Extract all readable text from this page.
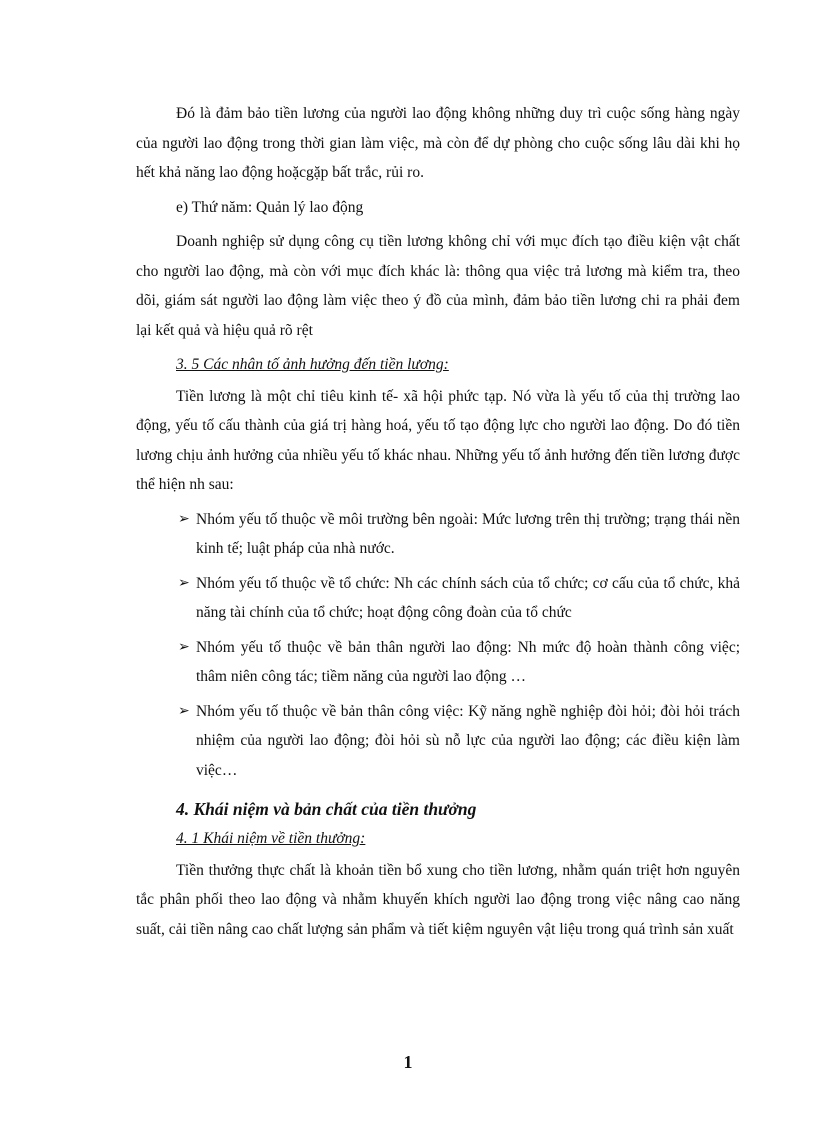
Đó là đảm bảo tiền lương của người lao động không những duy trì cuộc sống hàng ngày của người lao động trong thời gian làm việc, mà còn để dự phòng cho cuộc sống lâu dài khi họ hết khả năng lao động hoặcgặp bất trắc, rủi ro.

e) Thứ năm: Quản lý lao động

Doanh nghiệp sử dụng công cụ tiền lương không chỉ với mục đích tạo điều kiện vật chất cho người lao động, mà còn với mục đích khác là: thông qua việc trả lương mà kiểm tra, theo dõi, giám sát người lao động làm việc theo ý đồ của mình, đảm bảo tiền lương chi ra phải đem lại kết quả và hiệu quả rõ rệt

3. 5 Các nhân tố ảnh hưởng đến tiền lương:

Tiền lương là một chỉ tiêu kinh tế- xã hội phức tạp. Nó vừa là yếu tố của thị trường lao động, yếu tố cấu thành của giá trị hàng hoá, yếu tố tạo động lực cho người lao động. Do đó tiền lương chịu ảnh hưởng của nhiều yếu tố khác nhau. Những yếu tố ảnh hưởng đến tiền lương được thể hiện nh sau:

➢ Nhóm yếu tố thuộc về môi trường bên ngoài: Mức lương trên thị trường; trạng thái nền kinh tế; luật pháp của nhà nước.
➢ Nhóm yếu tố thuộc về tổ chức: Nh các chính sách của tổ chức; cơ cấu của tổ chức, khả năng tài chính của tổ chức; hoạt động công đoàn của tổ chức
➢ Nhóm yếu tố thuộc về bản thân người lao động: Nh mức độ hoàn thành công việc; thâm niên công tác; tiềm năng của người lao động …
➢ Nhóm yếu tố thuộc về bản thân công việc: Kỹ năng nghề nghiệp đòi hỏi; đòi hỏi trách nhiệm của người lao động; đòi hỏi sù nỗ lực của người lao động; các điều kiện làm việc…

4. Khái niệm và bản chất của tiền thưởng

4. 1 Khái niệm về tiền thưởng:

Tiền thưởng thực chất là khoản tiền bổ xung cho tiền lương, nhằm quán triệt hơn nguyên tắc phân phối theo lao động và nhằm khuyến khích người lao động trong việc nâng cao năng suất, cải tiền nâng cao chất lượng sản phẩm và tiết kiệm nguyên vật liệu trong quá trình sản xuất

1
